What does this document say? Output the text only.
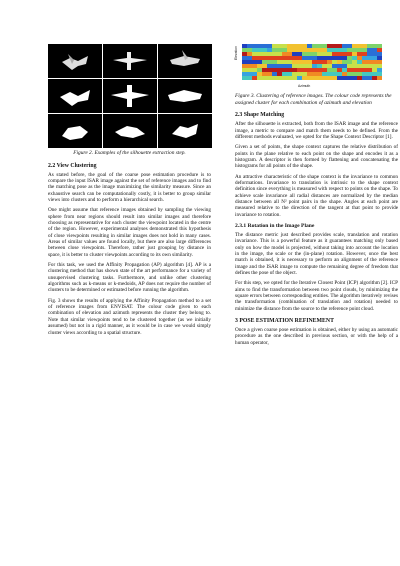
Figure 2. Examples of the silhouette extraction step.
2.2 View Clustering

As stated before, the goal of the coarse pose estimation procedure is to compare the input ISAR image against the set of reference images and to find the matching pose as the image maximizing the similarity measure. Since an exhaustive search can be computationally costly, it is better to group similar views into clusters and to perform a hierarchical search.

One might assume that reference images obtained by sampling the viewing sphere from near regions should result into similar images and therefore choosing as representative for each cluster the viewpoint located in the centre of the region. However, experimental analyses demonstrated this hypothesis of close viewpoints resulting in similar images does not hold in many cases. Areas of similar values are found locally, but there are also large differences between close viewpoints. Therefore, rather just grouping by distance in space, it is better to cluster viewpoints according to its own similarity.

For this task, we used the Affinity Propagation (AP) algorithm [4]. AP is a clustering method that has shown state of the art performance for a variety of unsupervised clustering tasks. Furthermore, and unlike other clustering algorithms such as k-means or k-medoids, AP does not require the number of clusters to be determined or estimated before running the algorithm.

Fig. 3 shows the results of applying the Affinity Propagation method to a set of reference images from ENVISAT. The colour code given to each combination of elevation and azimuth represents the cluster they belong to. Note that similar viewpoints tend to be clustered together (as we initially assumed) but not in a rigid manner, as it would be in case we would simply cluster views according to a spatial structure.

Elevation
Azimuth
Figure 3. Clustering of reference images. The colour code represents the assigned cluster for each combination of azimuth and elevation
2.3 Shape Matching

After the silhouette is extracted, both from the ISAR image and the reference image, a metric to compare and match them needs to be defined. From the different methods evaluated, we opted for the Shape Context Descriptor [1].

Given a set of points, the shape context captures the relative distribution of points in the plane relative to each point on the shape and encodes it as a histogram. A descriptor is then formed by flattening and concatenating the histograms for all points of the shape.

An attractive characteristic of the shape context is the invariance to common deformations. Invariance to translation is intrinsic to the shape context definition since everything is measured with respect to points on the shape. To achieve scale invariance all radial distances are normalized by the median distance between all N² point pairs in the shape. Angles at each point are measured relative to the direction of the tangent at that point to provide invariance to rotation.

2.3.1 Rotation in the Image Plane

The distance metric just described provides scale, translation and rotation invariance. This is a powerful feature as it guarantees matching only based only on how the model is projected, without taking into account the location in the image, the scale or the (in-plane) rotation. However, once the best match is obtained, it is necessary to perform an alignment of the reference image and the ISAR image to compute the remaining degree of freedom that defines the pose of the object.

For this step, we opted for the Iterative Closest Point (ICP) algorithm [2]. ICP aims to find the transformation between two point clouds, by minimizing the square errors between corresponding entities. The algorithm iteratively revises the transformation (combination of translation and rotation) needed to minimize the distance from the source to the reference point cloud.

3 POSE ESTIMATION REFINEMENT

Once a given coarse pose estimation is obtained, either by using an automatic procedure as the one described in previous section, or with the help of a human operator,
